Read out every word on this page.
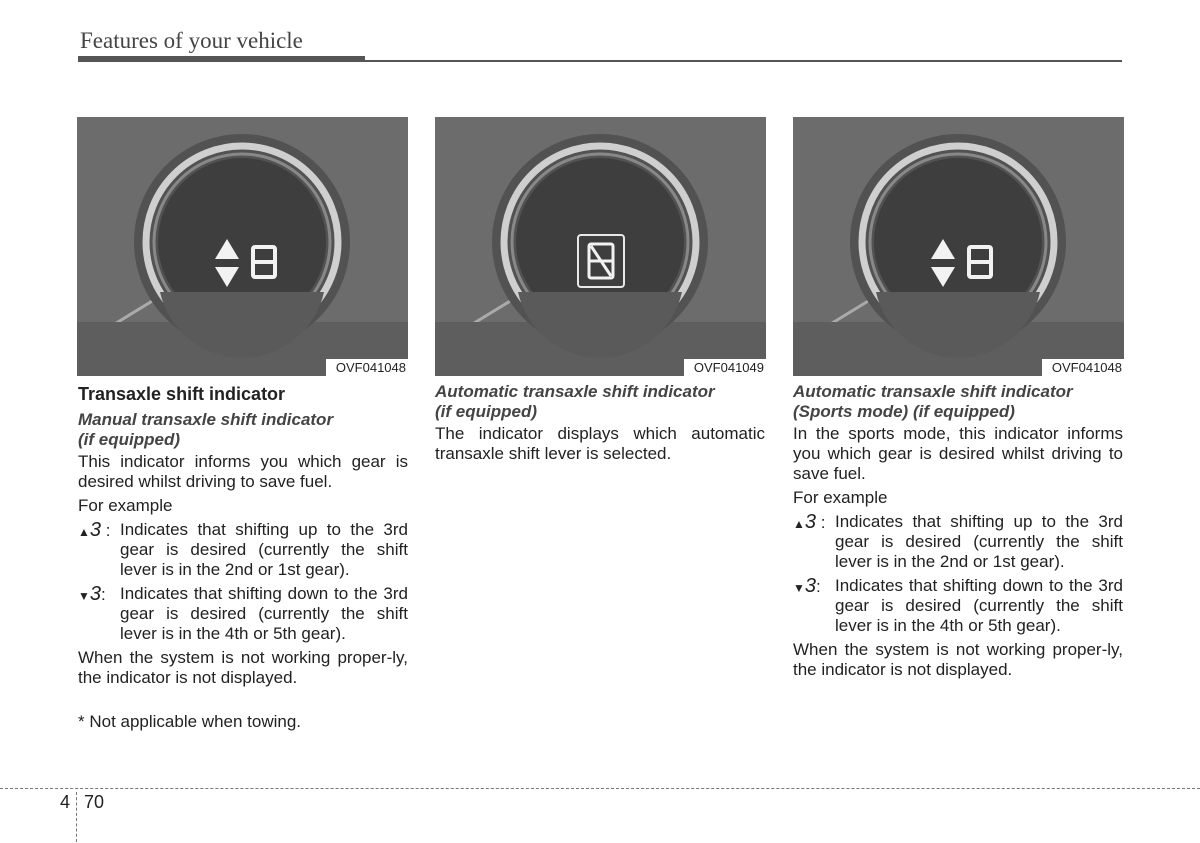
Features of your vehicle
OVF041048	OVF041049	OVF041048
Transaxle shift indicator
Manual transaxle shift indicator
(if equipped)
This indicator informs you which gear is desired whilst driving to save fuel.
For example
▲3 : Indicates that shifting up to the 3rd gear is desired (currently the shift lever is in the 2nd or 1st gear).
▼3: Indicates that shifting down to the 3rd gear is desired (currently the shift lever is in the 4th or 5th gear).
When the system is not working proper-ly, the indicator is not displayed.
* Not applicable when towing.
Automatic transaxle shift indicator
(if equipped)
The indicator displays which automatic transaxle shift lever is selected.
Automatic transaxle shift indicator
(Sports mode) (if equipped)
In the sports mode, this indicator informs you which gear is desired whilst driving to save fuel.
For example
▲3 : Indicates that shifting up to the 3rd gear is desired (currently the shift lever is in the 2nd or 1st gear).
▼3: Indicates that shifting down to the 3rd gear is desired (currently the shift lever is in the 4th or 5th gear).
When the system is not working proper-ly, the indicator is not displayed.
4 70
